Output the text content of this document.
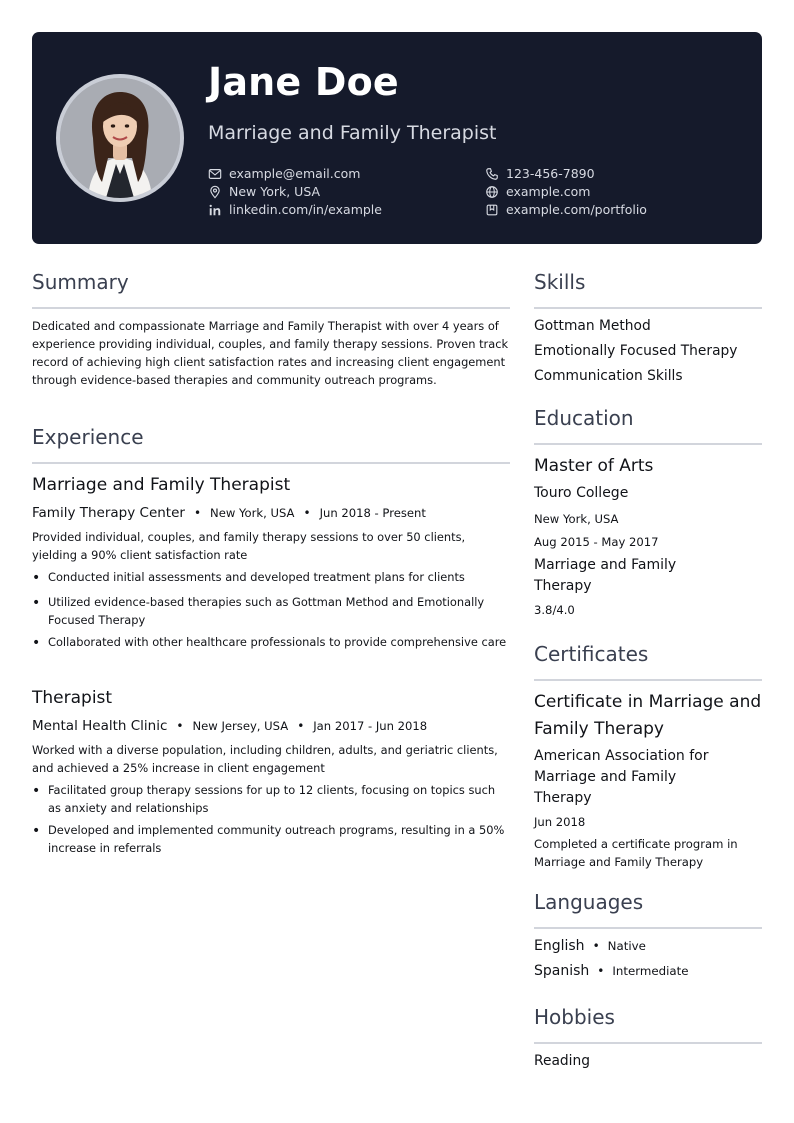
Jane Doe
Marriage and Family Therapist
example@email.com
New York, USA
linkedin.com/in/example
123-456-7890
example.com
example.com/portfolio
Summary
Dedicated and compassionate Marriage and Family Therapist with over 4 years of experience providing individual, couples, and family therapy sessions. Proven track record of achieving high client satisfaction rates and increasing client engagement through evidence-based therapies and community outreach programs.
Experience
Marriage and Family Therapist
Family Therapy Center • New York, USA • Jun 2018 - Present
Provided individual, couples, and family therapy sessions to over 50 clients, yielding a 90% client satisfaction rate
• Conducted initial assessments and developed treatment plans for clients
• Utilized evidence-based therapies such as Gottman Method and Emotionally Focused Therapy
• Collaborated with other healthcare professionals to provide comprehensive care
Therapist
Mental Health Clinic • New Jersey, USA • Jan 2017 - Jun 2018
Worked with a diverse population, including children, adults, and geriatric clients, and achieved a 25% increase in client engagement
• Facilitated group therapy sessions for up to 12 clients, focusing on topics such as anxiety and relationships
• Developed and implemented community outreach programs, resulting in a 50% increase in referrals
Skills
Gottman Method
Emotionally Focused Therapy
Communication Skills
Education
Master of Arts
Touro College
New York, USA
Aug 2015 - May 2017
Marriage and Family Therapy
3.8/4.0
Certificates
Certificate in Marriage and Family Therapy
American Association for Marriage and Family Therapy
Jun 2018
Completed a certificate program in Marriage and Family Therapy
Languages
English • Native
Spanish • Intermediate
Hobbies
Reading
